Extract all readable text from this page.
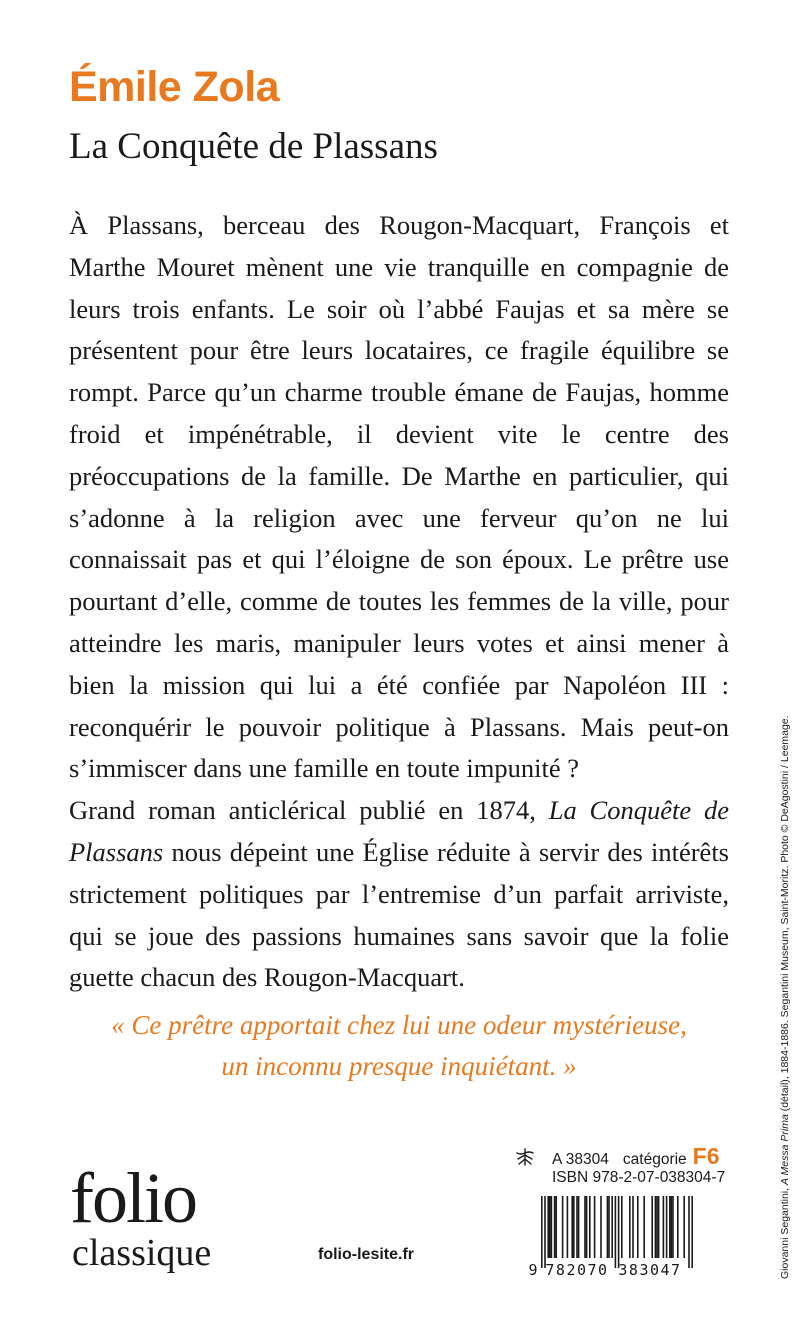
Émile Zola
La Conquête de Plassans

À Plassans, berceau des Rougon-Macquart, François et Marthe Mouret mènent une vie tranquille en compagnie de leurs trois enfants. Le soir où l’abbé Faujas et sa mère se présentent pour être leurs locataires, ce fragile équilibre se rompt. Parce qu’un charme trouble émane de Faujas, homme froid et impénétrable, il devient vite le centre des préoccupations de la famille. De Marthe en particulier, qui s’adonne à la religion avec une ferveur qu’on ne lui connaissait pas et qui l’éloigne de son époux. Le prêtre use pourtant d’elle, comme de toutes les femmes de la ville, pour atteindre les maris, manipuler leurs votes et ainsi mener à bien la mission qui lui a été confiée par Napoléon III : reconquérir le pouvoir politique à Plassans. Mais peut-on s’immiscer dans une famille en toute impunité ?

Grand roman anticlérical publié en 1874, La Conquête de Plassans nous dépeint une Église réduite à servir des intérêts strictement politiques par l’entremise d’un parfait arriviste, qui se joue des passions humaines sans savoir que la folie guette chacun des Rougon-Macquart.

« Ce prêtre apportait chez lui une odeur mystérieuse,
un inconnu presque inquiétant. »
Giovanni Segantini, A Messa Prima (détail), 1884-1886. Segantini Museum, Saint-Moritz. Photo © DeAgostini / Leemage.
folio
classique	folio-lesite.fr
A 38304 catégorie F6
ISBN 978-2-07-038304-7
9 782070 383047
